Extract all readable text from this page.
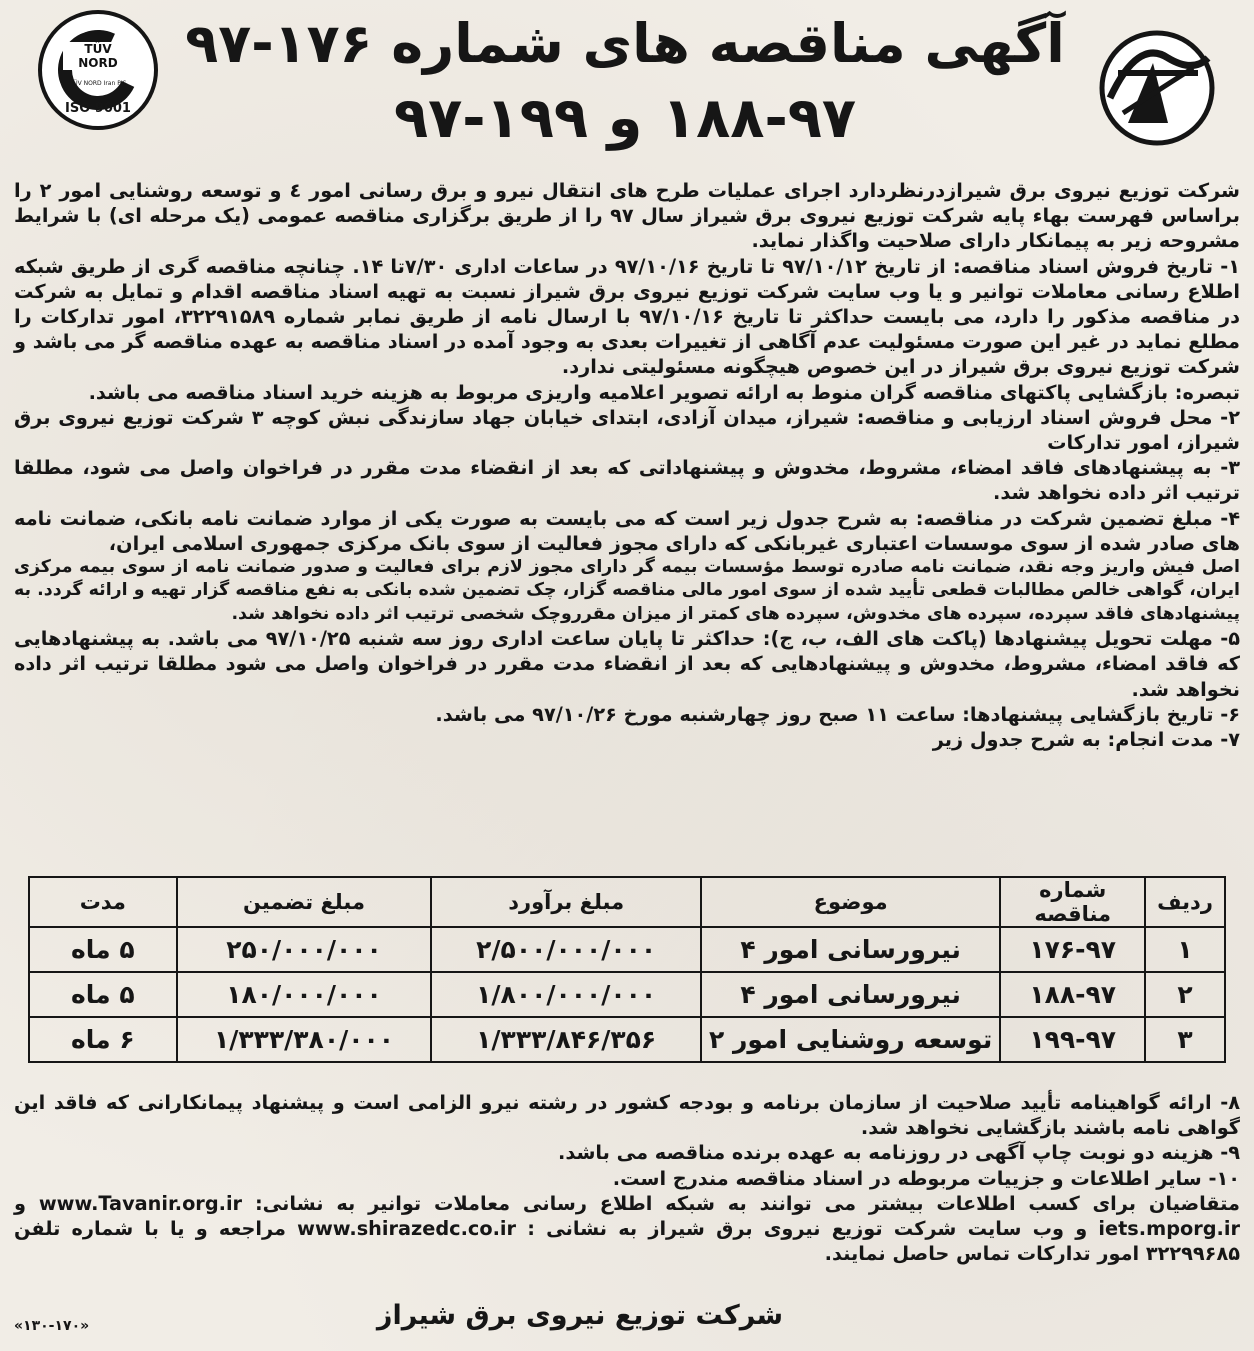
TÜV NORD
TÜV NORD Iran PJS
ISO 9001
آگهی مناقصه های شماره ۱۷۶-۹۷
۱۸۸-۹۷ و ۱۹۹-۹۷

شرکت توزیع نیروی برق شیرازدرنظردارد اجرای عملیات طرح های انتقال نیرو و برق رسانی امور ٤ و توسعه روشنایی امور ۲ را براساس فهرست بهاء پایه شرکت توزیع نیروی برق شیراز سال ۹۷ را از طریق برگزاری مناقصه عمومی (یک مرحله ای) با شرایط مشروحه زیر به پیمانکار دارای صلاحیت واگذار نماید.

۱- تاریخ فروش اسناد مناقصه: از تاریخ ۹۷/۱۰/۱۲ تا تاریخ ۹۷/۱۰/۱۶ در ساعات اداری ۷/۳۰تا ۱۴. چنانچه مناقصه گری از طریق شبکه اطلاع رسانی معاملات توانیر و یا وب سایت شرکت توزیع نیروی برق شیراز نسبت به تهیه اسناد مناقصه اقدام و تمایل به شرکت در مناقصه مذکور را دارد، می بایست حداکثر تا تاریخ ۹۷/۱۰/۱۶ با ارسال نامه از طریق نمابر شماره ۳۲۲۹۱۵۸۹، امور تدارکات را مطلع نماید در غیر این صورت مسئولیت عدم آگاهی از تغییرات بعدی به وجود آمده در اسناد مناقصه به عهده مناقصه گر می باشد و شرکت توزیع نیروی برق شیراز در این خصوص هیچگونه مسئولیتی ندارد.

تبصره: بازگشایی پاکتهای مناقصه گران منوط به ارائه تصویر اعلامیه واریزی مربوط به هزینه خرید اسناد مناقصه می باشد.

۲- محل فروش اسناد ارزیابی و مناقصه: شیراز، میدان آزادی، ابتدای خیابان جهاد سازندگی نبش کوچه ۳ شرکت توزیع نیروی برق شیراز، امور تدارکات

۳- به پیشنهادهای فاقد امضاء، مشروط، مخدوش و پیشنهاداتی که بعد از انقضاء مدت مقرر در فراخوان واصل می شود، مطلقا ترتیب اثر داده نخواهد شد.

۴- مبلغ تضمین شرکت در مناقصه: به شرح جدول زیر است که می بایست به صورت یکی از موارد ضمانت نامه بانکی، ضمانت نامه های صادر شده از سوی موسسات اعتباری غیربانکی که دارای مجوز فعالیت از سوی بانک مرکزی جمهوری اسلامی ایران،

اصل فیش واریز وجه نقد، ضمانت نامه صادره توسط مؤسسات بیمه گر دارای مجوز لازم برای فعالیت و صدور ضمانت نامه از سوی بیمه مرکزی ایران، گواهی خالص مطالبات قطعی تأیید شده از سوی امور مالی مناقصه گزار، چک تضمین شده بانکی به نفع مناقصه گزار تهیه و ارائه گردد. به پیشنهادهای فاقد سپرده، سپرده های مخدوش، سپرده های کمتر از میزان مقرروچک شخصی ترتیب اثر داده نخواهد شد.

۵- مهلت تحویل پیشنهادها (پاکت های الف، ب، ج): حداکثر تا پایان ساعت اداری روز سه شنبه ۹۷/۱۰/۲۵ می باشد. به پیشنهادهایی که فاقد امضاء، مشروط، مخدوش و پیشنهادهایی که بعد از انقضاء مدت مقرر در فراخوان واصل می شود مطلقا ترتیب اثر داده نخواهد شد.

۶- تاریخ بازگشایی پیشنهادها: ساعت ۱۱ صبح روز چهارشنبه مورخ ۹۷/۱۰/۲۶ می باشد.

۷- مدت انجام: به شرح جدول زیر

ردیف	شماره مناقصه	موضوع	مبلغ برآورد	مبلغ تضمین	مدت
۱	۱۷۶-۹۷	نیرورسانی امور ۴	۲/۵۰۰/۰۰۰/۰۰۰	۲۵۰/۰۰۰/۰۰۰	۵ ماه
۲	۱۸۸-۹۷	نیرورسانی امور ۴	۱/۸۰۰/۰۰۰/۰۰۰	۱۸۰/۰۰۰/۰۰۰	۵ ماه
۳	۱۹۹-۹۷	توسعه روشنایی امور ۲	۱/۳۳۳/۸۴۶/۳۵۶	۱/۳۳۳/۳۸۰/۰۰۰	۶ ماه

۸- ارائه گواهینامه تأیید صلاحیت از سازمان برنامه و بودجه کشور در رشته نیرو الزامی است و پیشنهاد پیمانکارانی که فاقد این گواهی نامه باشند بازگشایی نخواهد شد.

۹- هزینه دو نوبت چاپ آگهی در روزنامه به عهده برنده مناقصه می باشد.

۱۰- سایر اطلاعات و جزییات مربوطه در اسناد مناقصه مندرج است.

متقاضیان برای کسب اطلاعات بیشتر می توانند به شبکه اطلاع رسانی معاملات توانیر به نشانی: www.Tavanir.org.ir و iets.mporg.ir و وب سایت شرکت توزیع نیروی برق شیراز به نشانی : www.shirazedc.co.ir مراجعه و یا با شماره تلفن ۳۲۲۹۹۶۸۵ امور تدارکات تماس حاصل نمایند.

شرکت توزیع نیروی برق شیراز
«۱۳۰-۱۷۰»
